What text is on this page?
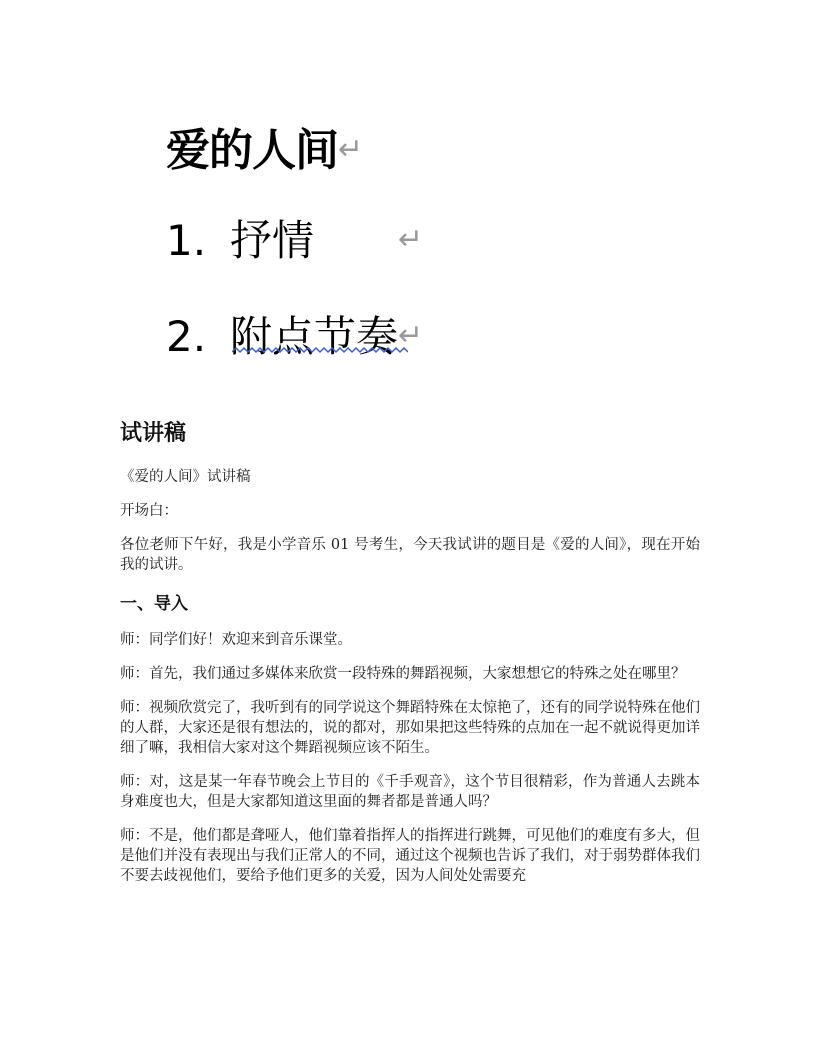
爱的人间↵
1. 抒情	↵
2. 附点节奏↵
试讲稿

《爱的人间》试讲稿

开场白：

各位老师下午好，我是小学音乐 01 号考生，今天我试讲的题目是《爱的人间》，现在开始我的试讲。

一、导入

师：同学们好！欢迎来到音乐课堂。

师：首先，我们通过多媒体来欣赏一段特殊的舞蹈视频，大家想想它的特殊之处在哪里？

师：视频欣赏完了，我听到有的同学说这个舞蹈特殊在太惊艳了，还有的同学说特殊在他们的人群，大家还是很有想法的，说的都对，那如果把这些特殊的点加在一起不就说得更加详细了嘛，我相信大家对这个舞蹈视频应该不陌生。

师：对，这是某一年春节晚会上节目的《千手观音》，这个节目很精彩，作为普通人去跳本身难度也大，但是大家都知道这里面的舞者都是普通人吗？

师：不是，他们都是聋哑人，他们靠着指挥人的指挥进行跳舞，可见他们的难度有多大，但是他们并没有表现出与我们正常人的不同，通过这个视频也告诉了我们，对于弱势群体我们不要去歧视他们，要给予他们更多的关爱，因为人间处处需要充
